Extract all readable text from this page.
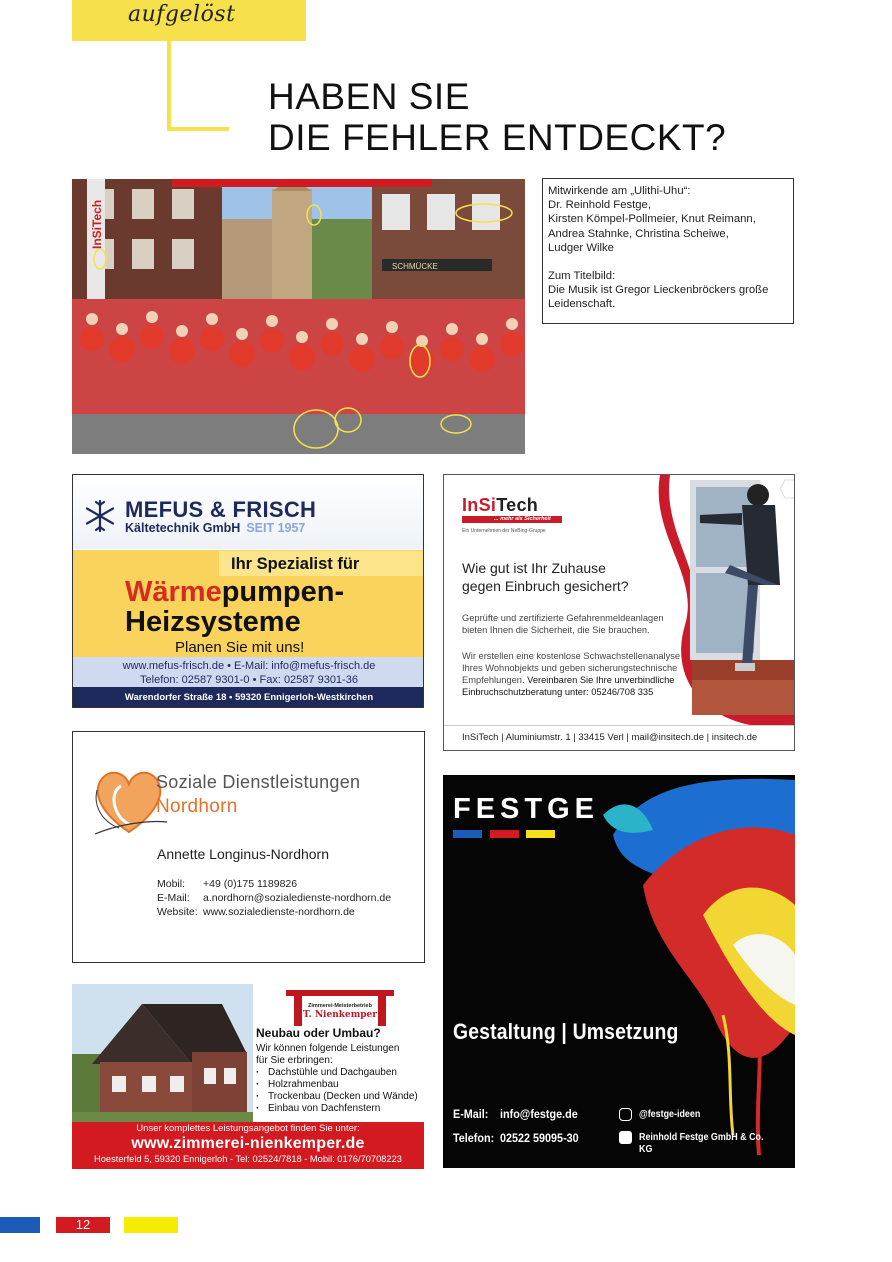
aufgelöst
HABEN SIE
DIE FEHLER ENTDECKT?
SCHMÜCKE
InSiTech
Mitwirkende am „Ulithi-Uhu“:
Dr. Reinhold Festge,
Kirsten Kömpel-Pollmeier, Knut Reimann,
Andrea Stahnke, Christina Scheiwe,
Ludger Wilke
Zum Titelbild:
Die Musik ist Gregor Lieckenbröckers große
Leidenschaft.
MEFUS & FRISCH
Kältetechnik GmbH SEIT 1957
Ihr Spezialist für
Wärmepumpen-
Heizsysteme
Planen Sie mit uns!
www.mefus-frisch.de • E-Mail: info@mefus-frisch.de
Telefon: 02587 9301-0 • Fax: 02587 9301-36
Warendorfer Straße 18 • 59320 Ennigerloh-Westkirchen
InSiTech
... mehr als Sicherheit
Ein Unternehmen der NeBing-Gruppe
Wie gut ist Ihr Zuhause
gegen Einbruch gesichert?
Geprüfte und zertifizierte Gefahrenmeldeanlagen
bieten Ihnen die Sicherheit, die Sie brauchen.
Wir erstellen eine kostenlose Schwachstellenanalyse
Ihres Wohnobjekts und geben sicherungstechnische
Empfehlungen. Vereinbaren Sie Ihre unverbindliche
Einbruchschutzberatung unter: 05246/708 335
InSiTech | Aluminiumstr. 1 | 33415 Verl | mail@insitech.de | insitech.de
Soziale Dienstleistungen
Nordhorn
Annette Longinus-Nordhorn
Mobil: +49 (0)175 1189826
E-Mail: a.nordhorn@sozialedienste-nordhorn.de
Website: www.sozialedienste-nordhorn.de
FESTGE
Gestaltung | Umsetzung
E-Mail: info@festge.de
Telefon: 02522 59095-30
@festge-ideen
Reinhold Festge GmbH & Co. KG
Zimmerei-Meisterbetrieb
T. Nienkemper
Neubau oder Umbau?
Wir können folgende Leistungen
für Sie erbringen:
· Dachstühle und Dachgauben
· Holzrahmenbau
· Trockenbau (Decken und Wände)
· Einbau von Dachfenstern
Unser komplettes Leistungsangebot finden Sie unter:
www.zimmerei-nienkemper.de
Hoesterfeld 5, 59320 Ennigerloh - Tel: 02524/7818 - Mobil: 0176/70708223
12
